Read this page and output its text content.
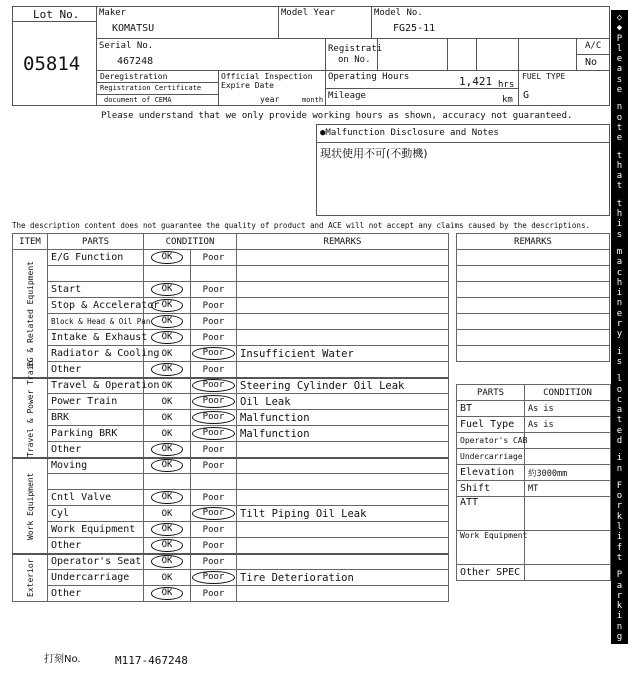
Lot No.
05814
Maker
KOMATSU
Model Year	Model No.
FG25-11
Serial No.
467248
Registrati
on No.
A/C
No
Deregistration
Registration Certificate
document of CEMA
Official Inspection
Expire Date
year	month
Operating Hours	1,421 hrs
Mileage	km
FUEL TYPE
G
Please understand that we only provide working hours as shown, accuracy not guaranteed.
●Malfunction Disclosure and Notes
現状使用不可(不動機)
The description content does not guarantee the quality of product and ACE will not accept any claims caused by the descriptions.
ITEM	PARTS	CONDITION		REMARKS
EG & Related Equipment	E/G Function	OK	Poor	

	Start	OK	Poor	
	Stop & Accelerator	OK	Poor	
	Block & Head & Oil Pan	OK	Poor	
	Intake & Exhaust	OK	Poor	
	Radiator & Cooling	OK	Poor	Insufficient Water
	Other	OK	Poor	
Travel & Power Train	Travel & Operation	OK	Poor	Steering Cylinder Oil Leak
	Power Train	OK	Poor	Oil Leak
	BRK	OK	Poor	Malfunction
	Parking BRK	OK	Poor	Malfunction
	Other	OK	Poor	
Work Equipment	Moving	OK	Poor	

	Cntl Valve	OK	Poor	
	Cyl	OK	Poor	Tilt Piping Oil Leak
	Work Equipment	OK	Poor	
	Other	OK	Poor	
Exterior	Operator's Seat	OK	Poor	
	Undercarriage	OK	Poor	Tire Deterioration
	Other	OK	Poor	
REMARKS

PARTS	CONDITION
BT	As is
Fuel Type	As is
Operator's CAB	
Undercarriage	
Elevation	約3000mm
Shift	MT
ATT	
Work Equipment	
Other SPEC	
打刻No.	M117-467248
◇
◆
P
l
e
a
s
e

n
o
t
e

t
h
a
t

t
h
i
s

m
a
c
h
i
n
e
r
y

i
s

l
o
c
a
t
e
d

i
n

F
o
r
k
l
i
f
t

P
a
r
k
i
n
g
◆
◇
